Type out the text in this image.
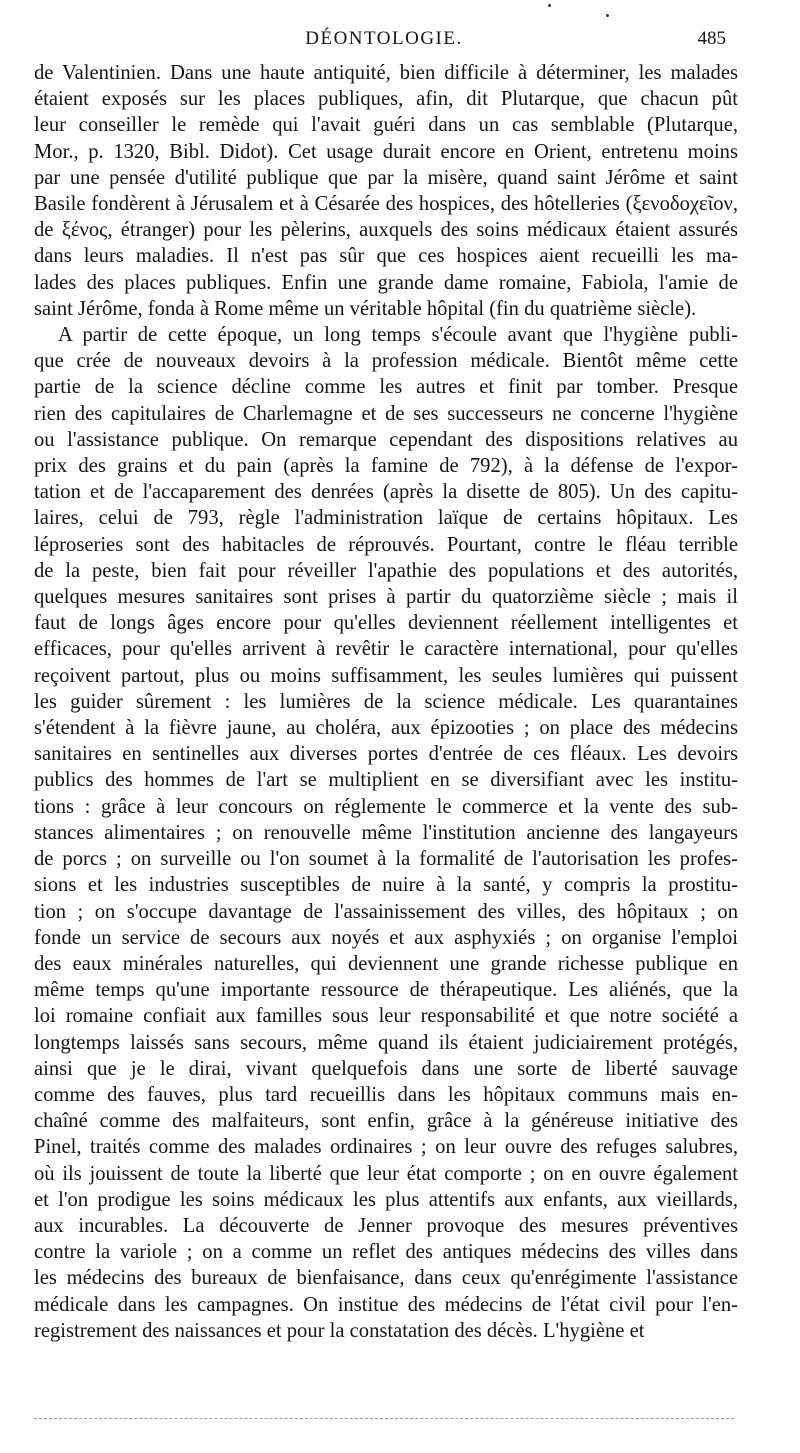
DÉONTOLOGIE.	485
de Valentinien. Dans une haute antiquité, bien difficile à déterminer, les malades
étaient exposés sur les places publiques, afin, dit Plutarque, que chacun pût
leur conseiller le remède qui l'avait guéri dans un cas semblable (Plutarque,
Mor., p. 1320, Bibl. Didot). Cet usage durait encore en Orient, entretenu moins
par une pensée d'utilité publique que par la misère, quand saint Jérôme et saint
Basile fondèrent à Jérusalem et à Césarée des hospices, des hôtelleries (ξενοδοχεῖον,
de ξένος, étranger) pour les pèlerins, auxquels des soins médicaux étaient assurés
dans leurs maladies. Il n'est pas sûr que ces hospices aient recueilli les ma-
lades des places publiques. Enfin une grande dame romaine, Fabiola, l'amie de
saint Jérôme, fonda à Rome même un véritable hôpital (fin du quatrième siècle).
A partir de cette époque, un long temps s'écoule avant que l'hygiène publi-
que crée de nouveaux devoirs à la profession médicale. Bientôt même cette
partie de la science décline comme les autres et finit par tomber. Presque
rien des capitulaires de Charlemagne et de ses successeurs ne concerne l'hygiène
ou l'assistance publique. On remarque cependant des dispositions relatives au
prix des grains et du pain (après la famine de 792), à la défense de l'expor-
tation et de l'accaparement des denrées (après la disette de 805). Un des capitu-
laires, celui de 793, règle l'administration laïque de certains hôpitaux. Les
léproseries sont des habitacles de réprouvés. Pourtant, contre le fléau terrible
de la peste, bien fait pour réveiller l'apathie des populations et des autorités,
quelques mesures sanitaires sont prises à partir du quatorzième siècle ; mais il
faut de longs âges encore pour qu'elles deviennent réellement intelligentes et
efficaces, pour qu'elles arrivent à revêtir le caractère international, pour qu'elles
reçoivent partout, plus ou moins suffisamment, les seules lumières qui puissent
les guider sûrement : les lumières de la science médicale. Les quarantaines
s'étendent à la fièvre jaune, au choléra, aux épizooties ; on place des médecins
sanitaires en sentinelles aux diverses portes d'entrée de ces fléaux. Les devoirs
publics des hommes de l'art se multiplient en se diversifiant avec les institu-
tions : grâce à leur concours on réglemente le commerce et la vente des sub-
stances alimentaires ; on renouvelle même l'institution ancienne des langayeurs
de porcs ; on surveille ou l'on soumet à la formalité de l'autorisation les profes-
sions et les industries susceptibles de nuire à la santé, y compris la prostitu-
tion ; on s'occupe davantage de l'assainissement des villes, des hôpitaux ; on
fonde un service de secours aux noyés et aux asphyxiés ; on organise l'emploi
des eaux minérales naturelles, qui deviennent une grande richesse publique en
même temps qu'une importante ressource de thérapeutique. Les aliénés, que la
loi romaine confiait aux familles sous leur responsabilité et que notre société a
longtemps laissés sans secours, même quand ils étaient judiciairement protégés,
ainsi que je le dirai, vivant quelquefois dans une sorte de liberté sauvage
comme des fauves, plus tard recueillis dans les hôpitaux communs mais en-
chaîné comme des malfaiteurs, sont enfin, grâce à la généreuse initiative des
Pinel, traités comme des malades ordinaires ; on leur ouvre des refuges salubres,
où ils jouissent de toute la liberté que leur état comporte ; on en ouvre également
et l'on prodigue les soins médicaux les plus attentifs aux enfants, aux vieillards,
aux incurables. La découverte de Jenner provoque des mesures préventives
contre la variole ; on a comme un reflet des antiques médecins des villes dans
les médecins des bureaux de bienfaisance, dans ceux qu'enrégimente l'assistance
médicale dans les campagnes. On institue des médecins de l'état civil pour l'en-
registrement des naissances et pour la constatation des décès. L'hygiène et
